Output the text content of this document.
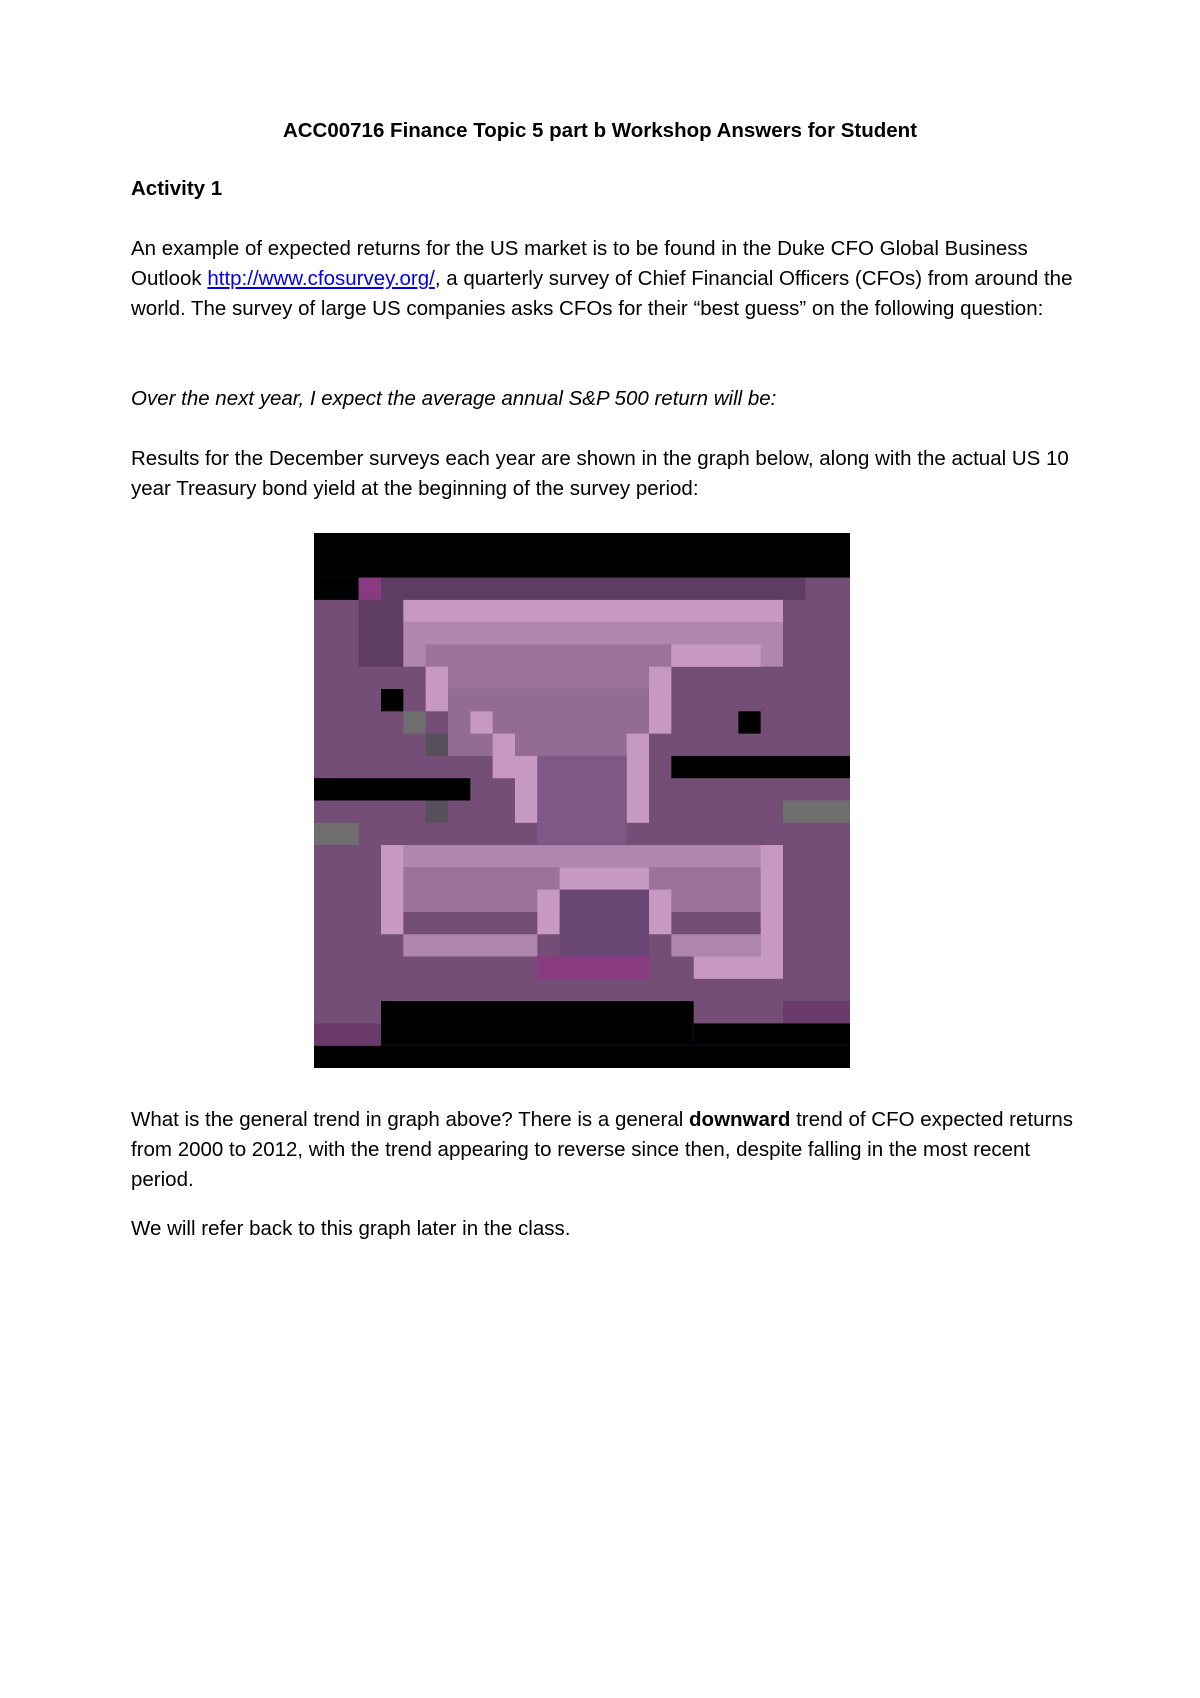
ACC00716 Finance Topic 5 part b Workshop Answers for Student
Activity 1
An example of expected returns for the US market is to be found in the Duke CFO Global Business Outlook http://www.cfosurvey.org/, a quarterly survey of Chief Financial Officers (CFOs) from around the world. The survey of large US companies asks CFOs for their “best guess” on the following question:
Over the next year, I expect the average annual S&P 500 return will be:
Results for the December surveys each year are shown in the graph below, along with the actual US 10 year Treasury bond yield at the beginning of the survey period:
What is the general trend in graph above? There is a general downward trend of CFO expected returns from 2000 to 2012, with the trend appearing to reverse since then, despite falling in the most recent period.
We will refer back to this graph later in the class.
